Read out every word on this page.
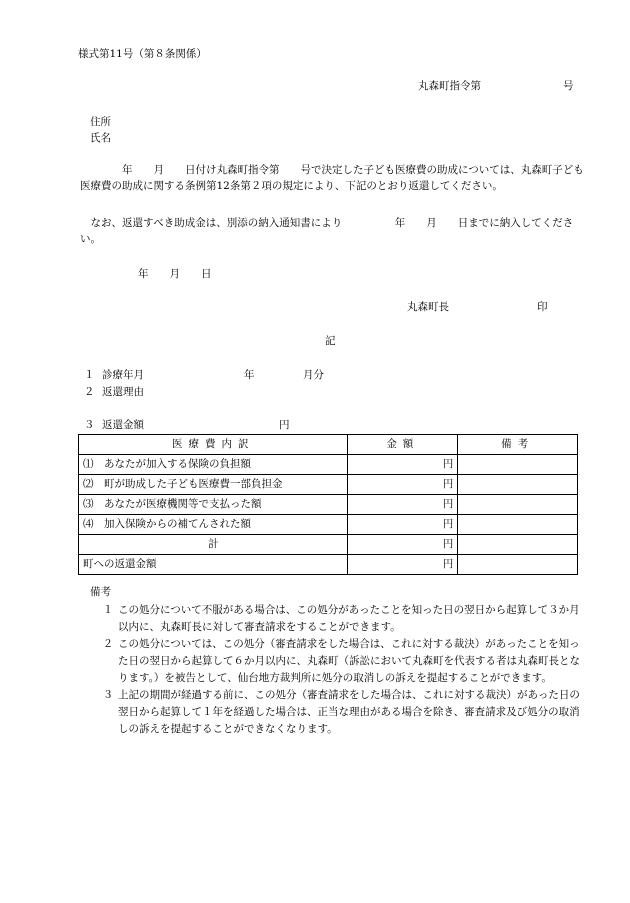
様式第11号（第８条関係）
丸森町指令第	号
住所
氏名
　　　　年　　月　　日付け丸森町指令第　　号で決定した子ども医療費の助成については、丸森町子ども医療費の助成に関する条例第12条第２項の規定により、下記のとおり返還してください。
　なお、返還すべき助成金は、別添の納入通知書により　　　　　年　　月　　日までに納入してください。
年　　月　　日
丸森町長	印
記
１ 診療年月	年	月分
２ 返還理由
３ 返還金額	円
医療費内訳	金額	備考
⑴　あなたが加入する保険の負担額	円	
⑵　町が助成した子ども医療費一部負担金	円	
⑶　あなたが医療機関等で支払った額	円	
⑷　加入保険からの補てんされた額	円	
計	円	
町への返還金額	円	
備考
１ この処分について不服がある場合は、この処分があったことを知った日の翌日から起算して３か月以内に、丸森町長に対して審査請求をすることができます。
２ この処分については、この処分（審査請求をした場合は、これに対する裁決）があったことを知った日の翌日から起算して６か月以内に、丸森町（訴訟において丸森町を代表する者は丸森町長となります。）を被告として、仙台地方裁判所に処分の取消しの訴えを提起することができます。
３ 上記の期間が経過する前に、この処分（審査請求をした場合は、これに対する裁決）があった日の翌日から起算して１年を経過した場合は、正当な理由がある場合を除き、審査請求及び処分の取消しの訴えを提起することができなくなります。
